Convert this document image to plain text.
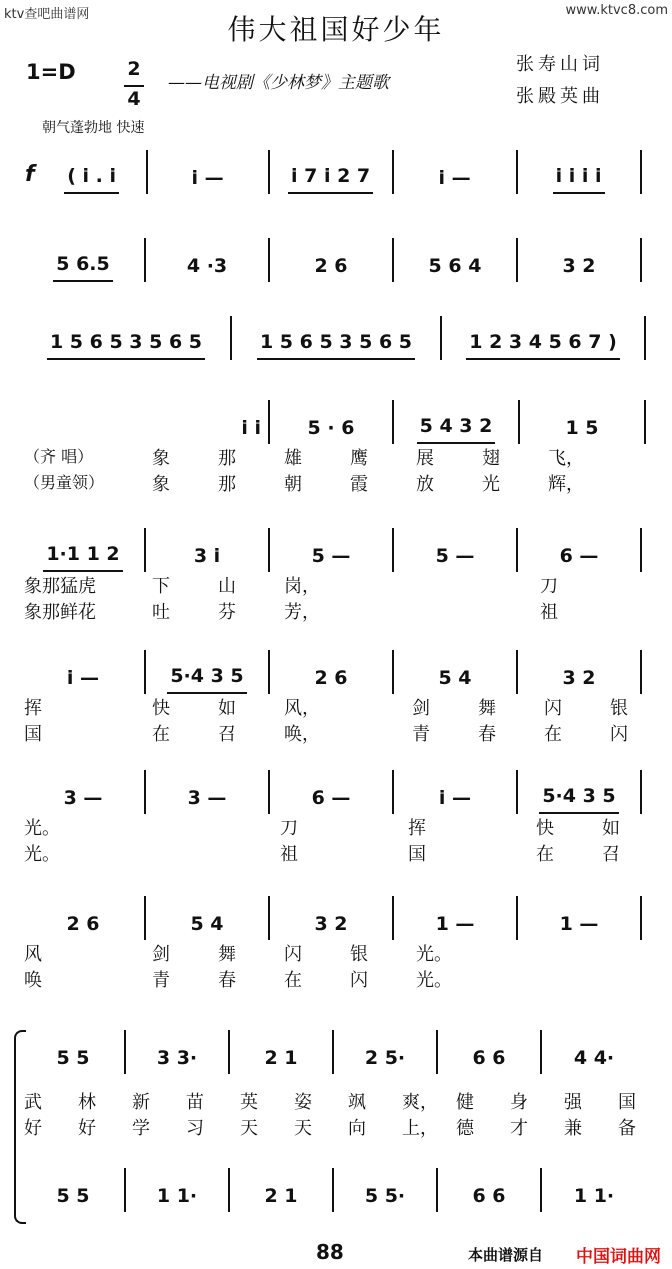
ktv查吧曲谱网	www.ktvc8.com
伟大祖国好少年
1=D	2
4
——电视剧《少林梦》主题歌
张寿山词
张殿英曲
朝气蓬勃地 快速
f ( i . i	i —	i 7 i 2 7	i —	i i i i
5 6.5	4 ·3	2 6	5 6 4	3 2
1 5 6 5 3 5 6 5	1 5 6 5 3 5 6 5	1 2 3 4 5 6 7 )
i i 5 · 6	5 4 3 2	1 5
（齐 唱）	象	那	雄	鹰	展	翅	飞，
（男童领）	象	那	朝	霞	放	光	辉，
1·1 1 2	3 i	5 —	5 —	6 —
象那猛虎	下	山	岗，	刀
象那鲜花	吐	芬	芳，	祖
i —	5·4 3 5	2 6	5 4	3 2
挥	快	如	风，	剑	舞	闪	银
国	在	召	唤，	青	春	在	闪
3 —	3 —	6 —	i —	5·4 3 5
光。	刀	挥	快	如
光。	祖	国	在	召
2 6	5 4	3 2	1 —	1 —
风	剑	舞	闪	银	光。
唤	青	春	在	闪	光。
5 5	3 3·	2 1	2 5·	6 6	4 4·
武	林	新	苗	英	姿	飒	爽，	健	身	强	国
好	好	学	习	天	天	向	上，	德	才	兼	备
5 5	1 1·	2 1	5 5·	6 6	1 1·
88	本曲谱源自 中国词曲网
